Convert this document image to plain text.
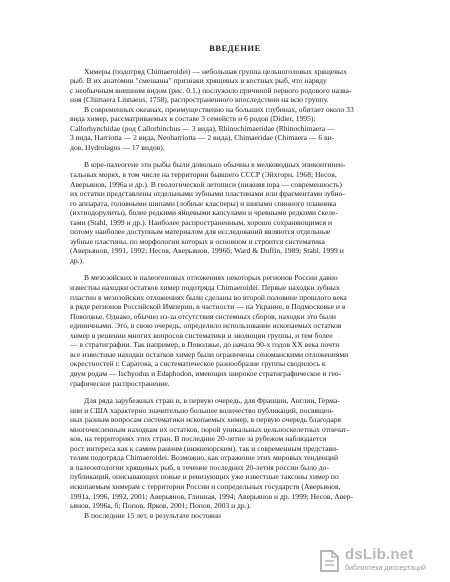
ВВЕДЕНИЕ
Химеры (подотряд Chimaeroidei) — небольшая группа цельноголовых хрящевых
рыб. В их анатомии "смешаны" признаки хрящевых и костных рыб, что наряду
с необычным внешним видом (рис. 0.1.) послужило причиной первого родового назва-
ния (Chimaera Linnaeus, 1758), распространенного впоследствии на всю группу.
В современных океанах, преимущественно на больших глубинах, обитает около 33
вида химер, рассматриваемых в составе 3 семейств и 6 родов (Didier, 1995):
Callorhynchidae (род Callorhinchus — 3 вида), Rhinochimaeridae (Rhinochimaera —
3 вида, Harriotta — 2 вида, Neoharriotta — 2 вида), Chimaeridae (Chimaera — 6 ви-
дов, Hydrolagus — 17 видов).
В юре-палеогене эти рыбы были довольно обычны в мелководных эпиконтинен-
тальных морях, в том числе на территории бывшего СССР (Эйхгорн, 1968; Несов,
Аверьянов, 1996а и др.). В геологической летописи (нижняя юра — современность)
их остатки представлены отдельными зубными пластинами или фрагментами зубно-
го аппарата, головными шипами (лобные класперы) и шипами спинного плавника
(ихтиодорулиты), более редкими яйцевыми капсулами и чревными редкими скеле-
тами (Stahl, 1999 и др.). Наиболее распространенным, хорошо сохраняющимся и
потому наиболее доступным материалом для исследований являются отдельные
зубные пластины, по морфологии которых в основном и строится систематика
(Аверьянов, 1991, 1992; Несов, Аверьянов, 1996б; Ward & Duffin, 1989; Stahl, 1999 и
др.).
В мезозойских и палеогеновых отложениях некоторых регионов России давно
известны находки остатков химер подотряда Chimaeroidei. Первые находки зубных
пластин в мезозойских отложениях были сделаны во второй половине прошлого века
в ряде регионов Российской Империи, в частности — на Украине, в Подмосковье и в
Поволжье. Однако, обычно из-за отсутствия системных сборов, находки эти были
единичными. Это, в свою очередь, определило использование ископаемых остатков
химер в решении многих вопросов систематики и эволюции группы, и тем более
— в стратиграфии. Так например, в Поволжье, до начала 90-х годов XX века почти
все известные находки остатков химер были ограничены сеноманскими отложениями
окрестностей г. Саратова, а систематическое разнообразие группы сводилось к
двум родам — Ischyodus и Edaphodon, имеющих широкое стратиграфическое и гео-
графическое распространение.
Для ряда зарубежных стран и, в первую очередь, для Франции, Англии, Герма-
нии и США характерно значительно большее количество публикаций, посвящен-
ных разным вопросам систематики ископаемых химер, в первую очередь благодаря
многочисленным находкам их остатков, порой уникальных цельноскелетных отпечат-
ков, на территориях этих стран. В последние 20-летие за рубежом наблюдается
рост интереса как к самим ранним (нижнеюрским), так и современным представи-
телям подотряда Chimaeroidei. Возможно, как отражение этих мировых тенденций
в палеонтологии хрящевых рыб, в течение последних 20-летия россии было до-
публикаций, описывающих новые и ревизующих уже известные таксоны химер по
ископаемым химерам с территории России и сопредельных государств (Аверьянов,
1991а, 1996, 1992, 2001; Аверьянов, Глинная, 1994; Аверьянов и др. 1999; Несов, Авер-
ьянов, 1996а, б; Попов, Ярков, 2001; Попов, 2003 и др.).
В последние 15 лет, в результате постоянн
dsLib.net
библиотека диссертаций
